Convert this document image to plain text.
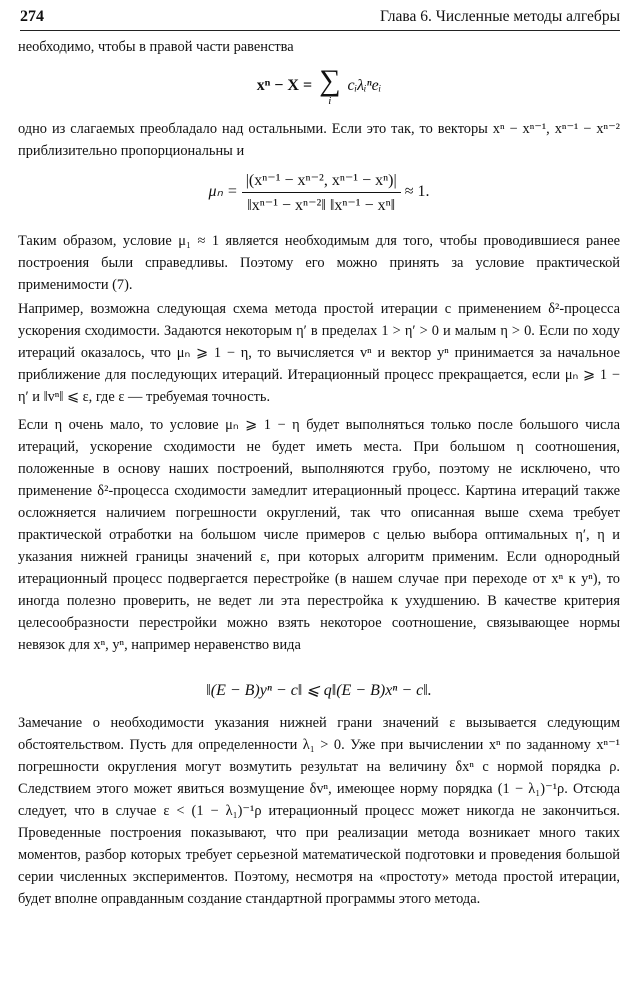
274	Глава 6. Численные методы алгебры

необходимо, чтобы в правой части равенства

xⁿ − X = ∑
i
cᵢλᵢⁿeᵢ

одно из слагаемых преобладало над остальными. Если это так, то векторы xⁿ − xⁿ⁻¹, xⁿ⁻¹ − xⁿ⁻² приблизительно пропорциональны и

$\mu_n = \frac{\text{|(xⁿ⁻¹ − xⁿ⁻², xⁿ⁻¹ − xⁿ)|}}{\text{‖xⁿ⁻¹ − xⁿ⁻²‖ ‖xⁿ⁻¹ − xⁿ‖}} \approx 1$.

Таким образом, условие μ₁ ≈ 1 является необходимым для того, чтобы проводившиеся ранее построения были справедливы. Поэтому его можно принять за условие практической применимости (7).

Например, возможна следующая схема метода простой итерации с применением δ²-процесса ускорения сходимости. Задаются некоторым η′ в пределах 1 > η′ > 0 и малым η > 0. Если по ходу итераций оказалось, что μₙ ⩾ 1 − η, то вычисляется vⁿ и вектор yⁿ принимается за начальное приближение для последующих итераций. Итерационный процесс прекращается, если μₙ ⩾ 1 − η′ и ‖vⁿ‖ ⩽ ε, где ε — требуемая точность.

Если η очень мало, то условие μₙ ⩾ 1 − η будет выполняться только после большого числа итераций, ускорение сходимости не будет иметь места. При большом η соотношения, положенные в основу наших построений, выполняются грубо, поэтому не исключено, что применение δ²-процесса сходимости замедлит итерационный процесс. Картина итераций также осложняется наличием погрешности округлений, так что описанная выше схема требует практической отработки на большом числе примеров с целью выбора оптимальных η′, η и указания нижней границы значений ε, при которых алгоритм применим. Если однородный итерационный процесс подвергается перестройке (в нашем случае при переходе от xⁿ к yⁿ), то иногда полезно проверить, не ведет ли эта перестройка к ухудшению. В качестве критерия целесообразности перестройки можно взять некоторое соотношение, связывающее нормы невязок для xⁿ, yⁿ, например неравенство вида

‖(E − B)yⁿ − c‖ ⩽ q‖(E − B)xⁿ − c‖.

Замечание о необходимости указания нижней грани значений ε вызывается следующим обстоятельством. Пусть для определенности λ₁ > 0. Уже при вычислении xⁿ по заданному xⁿ⁻¹ погрешности округления могут возмутить результат на величину δxⁿ с нормой порядка ρ. Следствием этого может явиться возмущение δvⁿ, имеющее норму порядка (1 − λ₁)⁻¹ρ. Отсюда следует, что в случае ε < (1 − λ₁)⁻¹ρ итерационный процесс может никогда не закончиться. Проведенные построения показывают, что при реализации метода возникает много таких моментов, разбор которых требует серьезной математической подготовки и проведения большой серии численных экспериментов. Поэтому, несмотря на «простоту» метода простой итерации, будет вполне оправданным создание стандартной программы этого метода.
